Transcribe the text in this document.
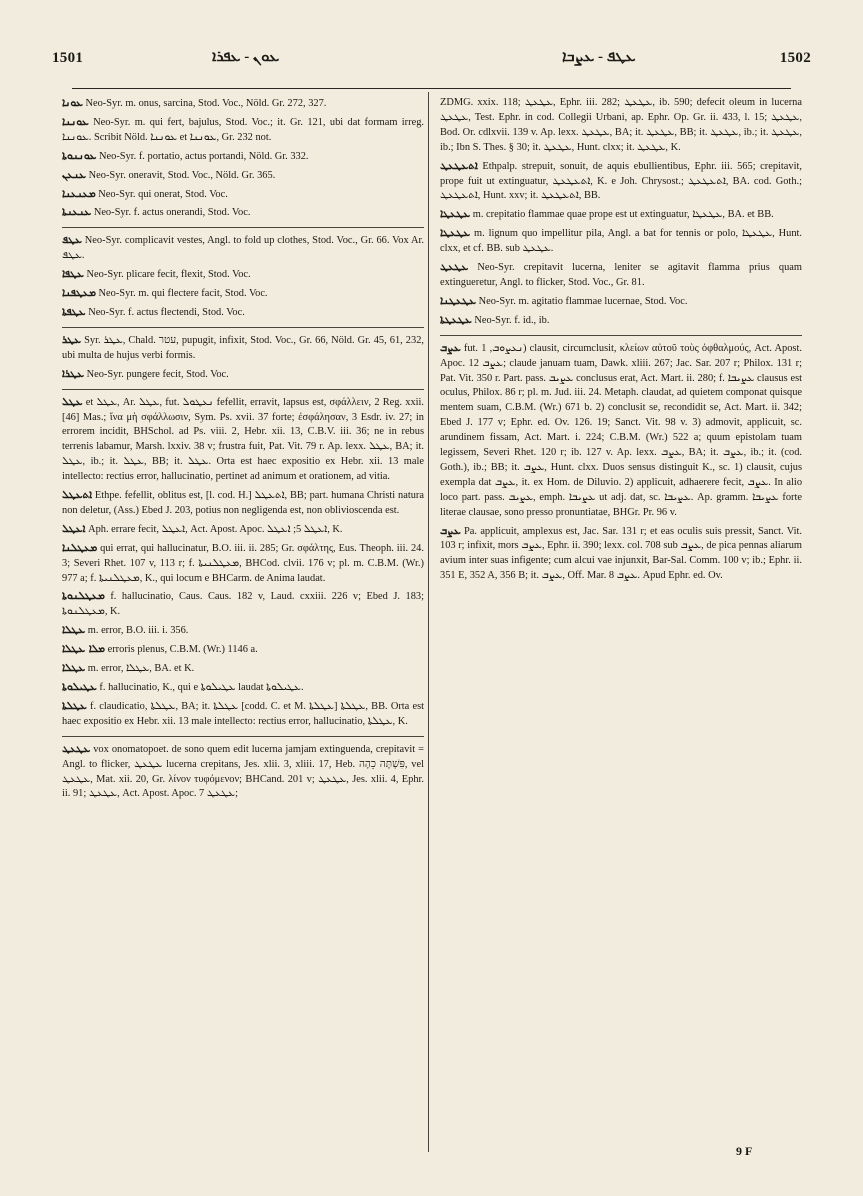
1501	ܥܘܢ - ܥܦܪܐ	ܥܛܦ - ܥܨܒܐ	1502

ܥܘܢܐ Neo-Syr. m. onus, sarcina, Stod. Voc., Nöld. Gr. 272, 327.

ܥܘܢܢܐ Neo-Syr. m. qui fert, bajulus, Stod. Voc.; it. Gr. 121, ubi dat formam irreg. ܥܘܢܢܐ. Scribit Nöld. ܥܘܢܢܐ et ܥܘܢܢܐ, Gr. 232 not.

ܥܘܢܢܘܬܐ Neo-Syr. f. portatio, actus portandi, Nöld. Gr. 332.

ܥܢܥܢ Neo-Syr. oneravit, Stod. Voc., Nöld. Gr. 365.

ܡܥܢܥܢܐ Neo-Syr. qui onerat, Stod. Voc.

ܥܢܥܢܬܐ Neo-Syr. f. actus onerandi, Stod. Voc.

ܥܛܦ Neo-Syr. complicavit vestes, Angl. to fold up clothes, Stod. Voc., Gr. 66. Vox Ar. ܥܛܦ.

ܥܛܦܐ Neo-Syr. plicare fecit, flexit, Stod. Voc.

ܡܥܛܦܢܐ Neo-Syr. m. qui flectere facit, Stod. Voc.

ܥܛܦܬܐ Neo-Syr. f. actus flectendi, Stod. Voc.

ܥܛܪ Syr. ܥܛܪ, Chald. עטר, pupugit, infixit, Stod. Voc., Gr. 66, Nöld. Gr. 45, 61, 232, ubi multa de hujus verbi formis.

ܥܛܪܐ Neo-Syr. pungere fecit, Stod. Voc.

ܥܛܠ et ܥܛܠ, Ar. ܥܛܠ, fut. ܢܥܛܘܠ fefellit, erravit, lapsus est, σφάλλειν, 2 Reg. xxii. [46] Mas.; ἵνα μὴ σφάλλωσιν, Sym. Ps. xvii. 37 forte; ἐσφάλησαν, 3 Esdr. iv. 27; in errorem incidit, BHSchol. ad Ps. viii. 2, Hebr. xii. 13, C.B.V. iii. 36; ne in rebus terrenis labamur, Marsh. lxxiv. 38 v; frustra fuit, Pat. Vit. 79 r. Ap. lexx. ܥܛܠ, BA; it. ܥܛܠ, ib.; it. ܥܛܠ, BB; it. ܥܛܠ. Orta est haec expositio ex Hebr. xii. 13 male intellecto: rectius error, hallucinatio, pertinet ad animum et orationem, ad vitia.

ܐܬܥܛܠ Ethpe. fefellit, oblitus est, [l. cod. H.] ܐܬܥܛܠ, BB; part. humana Christi natura non deletur, (Ass.) Ebed J. 203, potius non negligenda est, non oblivioscenda est.

ܐܥܛܠ Aph. errare fecit, ܐܥܛܠ, Act. Apost. Apoc. ܐܥܛܠ 5; ܐܥܛܠ, K.

ܡܥܛܠܢܐ qui errat, qui hallucinatur, B.O. iii. ii. 285; Gr. σφάλτης, Eus. Theoph. iii. 24. 3; Severi Rhet. 107 v, 113 r; f. ܡܥܛܠܢܝܬܐ, BHCod. clvii. 176 v; pl. m. C.B.M. (Wr.) 977 a; f. ܡܥܛܠܢܝܬܐ, K., qui locum e BHCarm. de Anima laudat.

ܡܥܛܠܢܘܬܐ f. hallucinatio, Caus. Caus. 182 v, Laud. cxxiii. 226 v; Ebed J. 183; ܡܥܛܠܢܘܬܐ, K.

ܥܛܠܐ m. error, B.O. iii. i. 356.

ܡܠܐ ܥܛܠܐ erroris plenus, C.B.M. (Wr.) 1146 a.

ܥܛܠܐ m. error, ܥܛܠܐ, BA. et K.

ܥܛܝܠܘܬܐ f. hallucinatio, K., qui e ܥܛܝܠܘܬܐ laudat ܥܛܝܠܘܬܐ.

ܥܛܠܬܐ f. claudicatio, ܥܛܠܬܐ, BA; it. ܥܛܠܬܐ [codd. C. et M. ܥܛܠܬܐ] ܥܛܠܬܐ, BB. Orta est haec expositio ex Hebr. xii. 13 male intellecto: rectius error, hallucinatio, ܥܛܠܬܐ, K.

ܥܛܥܛ vox onomatopoet. de sono quem edit lucerna jamjam extinguenda, crepitavit = Angl. to flicker, ܥܛܥܛ lucerna crepitans, Jes. xlii. 3, xliii. 17, Heb. פִּשְׁתָּה כֵהָה, vel ܥܛܥܛ, Mat. xii. 20, Gr. λίνον τυφόμενον; BHCand. 201 v; ܥܛܥܛ, Jes. xlii. 4, Ephr. ii. 91; ܥܛܥܛ, Act. Apost. Apoc. ܥܛܥܛ 7;

ZDMG. xxix. 118; ܥܛܥܛ, Ephr. iii. 282; ܥܛܥܛ, ib. 590; defecit oleum in lucerna ܥܛܥܛ, Test. Ephr. in cod. Collegii Urbani, ap. Ephr. Op. Gr. ii. 433, l. 15; ܥܛܥܛ, Bod. Or. cdlxvii. 139 v. Ap. lexx. ܥܛܥܛ, BA; it. ܥܛܥܛ, BB; it. ܥܛܥܛ, ib.; it. ܥܛܥܛ, ib.; Ibn S. Thes. § 30; it. ܥܛܥܛ, Hunt. clxx; it. ܥܛܥܛ, K.

ܐܬܥܛܥܛ Ethpalp. strepuit, sonuit, de aquis ebullientibus, Ephr. iii. 565; crepitavit, prope fuit ut extinguatur, ܐܬܥܛܥܛ, K. e Joh. Chrysost.; ܐܬܥܛܥܛ, BA. cod. Goth.; ܐܬܥܛܥܛ, Hunt. xxv; it. ܐܬܥܛܥܛ, BB.

ܥܛܥܛܐ m. crepitatio flammae quae prope est ut extinguatur, ܥܛܥܛܐ, BA. et BB.

ܥܛܥܛܐ m. lignum quo impellitur pila, Angl. a bat for tennis or polo, ܥܛܥܛܐ, Hunt. clxx, et cf. BB. sub ܥܛܥܛ.

ܥܛܥܛ Neo-Syr. crepitavit lucerna, leniter se agitavit flamma prius quam extingueretur, Angl. to flicker, Stod. Voc., Gr. 81.

ܥܛܥܛܢܐ Neo-Syr. m. agitatio flammae lucernae, Stod. Voc.

ܥܛܥܛܬܐ Neo-Syr. f. id., ib.

ܥܨܒ fut. ܢܥܨܘܒ, 1) clausit, circumclusit, κλείων αὐτοῦ τοὺς ὀφθαλμούς, Act. Apost. Apoc. ܥܨܒ 12; claude januam tuam, Dawk. xliii. 267; Jac. Sar. 207 r; Philox. 131 r; Pat. Vit. 350 r. Part. pass. ܥܨܝܒ conclusus erat, Act. Mart. ii. 280; f. ܥܨܝܒܐ clausus est oculus, Philox. 86 r; pl. m. Jud. iii. 24. Metaph. claudat, ad quietem componat quisque mentem suam, C.B.M. (Wr.) 671 b. 2) conclusit se, recondidit se, Act. Mart. ii. 342; Ebed J. 177 v; Ephr. ed. Ov. 126. 19; Sanct. Vit. 98 v. 3) admovit, applicuit, sc. arundinem fissam, Act. Mart. i. 224; C.B.M. (Wr.) 522 a; quum epistolam tuam legissem, Severi Rhet. 120 r; ib. 127 v. Ap. lexx. ܥܨܒ, BA; it. ܥܨܒ, ib.; it. (cod. Goth.), ib.; BB; it. ܥܨܒ, Hunt. clxx. Duos sensus distinguit K., sc. 1) clausit, cujus exempla dat ܥܨܒ, it. ex Hom. de Diluvio. 2) applicuit, adhaerere fecit, ܥܨܒ. In alio loco part. pass. ܥܨܝܒ, emph. ܥܨܝܒܐ ut adj. dat, sc. ܥܨܝܒܐ. Ap. gramm. ܥܨܝܒܐ forte literae clausae, sono presso pronuntiatae, BHGr. Pr. 96 v.

ܥܨܒ Pa. applicuit, amplexus est, Jac. Sar. 131 r; et eas oculis suis pressit, Sanct. Vit. 103 r; infixit, mors ܥܨܒ, Ephr. ii. 390; lexx. col. 708 sub ܥܨܒ, de pica pennas aliarum avium inter suas infigente; cum alcui vae injunxit, Bar-Sal. Comm. 100 v; ib.; Ephr. ii. 351 E, 352 A, 356 B; it. ܥܨܒ, Off. Mar. ܥܨܒ 8. Apud Ephr. ed. Ov.

9 F
